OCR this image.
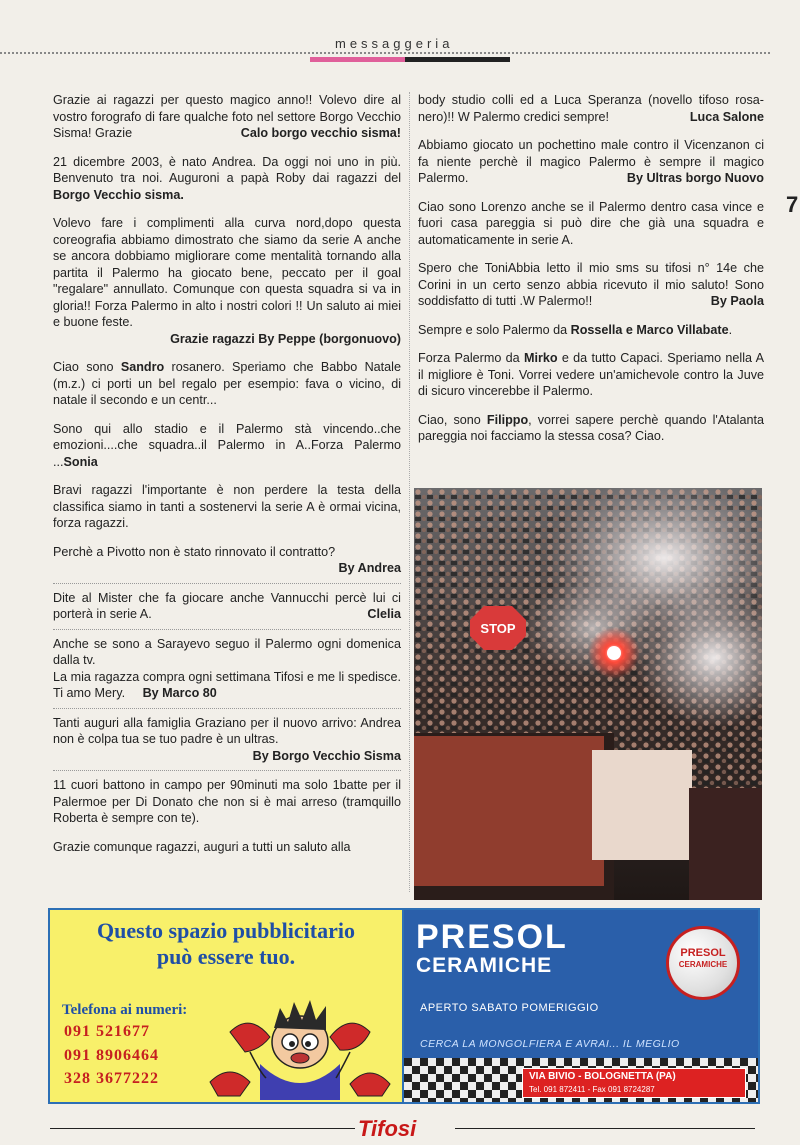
messaggeria
7
Grazie ai ragazzi per questo magico anno!! Volevo dire al vostro forografo di fare qualche foto nel settore Borgo Vecchio Sisma! Grazie	Calo borgo vecchio sisma!
21 dicembre 2003, è nato Andrea. Da oggi noi uno in più. Benvenuto tra noi. Auguroni a papà Roby dai ragazzi del Borgo Vecchio sisma.
Volevo fare i complimenti alla curva nord,dopo questa coreografia abbiamo dimostrato che siamo da serie A anche se ancora dobbiamo migliorare come mentalità tornando alla partita il Palermo ha giocato bene, peccato per il goal "regalare" annullato. Comunque con questa squadra si va in gloria!! Forza Palermo in alto i nostri colori !! Un saluto ai miei e buone feste.
Grazie ragazzi By Peppe (borgonuovo)
Ciao sono Sandro rosanero. Speriamo che Babbo Natale (m.z.) ci porti un bel regalo per esempio: fava o vicino, di natale il secondo e un centr...
Sono qui allo stadio e il Palermo stà vincendo..che emozioni....che squadra..il Palermo in A..Forza Palermo ...Sonia
Bravi ragazzi l'importante è non perdere la testa della classifica siamo in tanti a sostenervi la serie A è ormai vicina, forza ragazzi.
Perchè a Pivotto non è stato rinnovato il contratto?
By Andrea
Dite al Mister che fa giocare anche Vannucchi percè lui ci porterà in serie A.	Clelia
Anche se sono a Sarayevo seguo il Palermo ogni domenica dalla tv.
La mia ragazza compra ogni settimana Tifosi e me li spedisce. Ti amo Mery. By Marco 80
Tanti auguri alla famiglia Graziano per il nuovo arrivo: Andrea non è colpa tua se tuo padre è un ultras.
By Borgo Vecchio Sisma
11 cuori battono in campo per 90minuti ma solo 1batte per il Palermoe per Di Donato che non si è mai arreso (tramquillo Roberta è sempre con te).
Grazie comunque ragazzi, auguri a tutti un saluto alla
body studio colli ed a Luca Speranza (novello tifoso rosa-nero)!! W Palermo credici sempre!	Luca Salone
Abbiamo giocato un pochettino male contro il Vicenzanon ci fa niente perchè il magico Palermo è sempre il magico Palermo.	By Ultras borgo Nuovo
Ciao sono Lorenzo anche se il Palermo dentro casa vince e fuori casa pareggia si può dire che già una squadra e automaticamente in serie A.
Spero che ToniAbbia letto il mio sms su tifosi n° 14e che Corini in un certo senzo abbia ricevuto il mio saluto! Sono soddisfatto di tutti .W Palermo!!	By Paola
Sempre e solo Palermo da Rossella e Marco Villabate.
Forza Palermo da Mirko e da tutto Capaci. Speriamo nella A il migliore è Toni. Vorrei vedere un'amichevole contro la Juve di sicuro vincerebbe il Palermo.
Ciao, sono Filippo, vorrei sapere perchè quando l'Atalanta pareggia noi facciamo la stessa cosa? Ciao.
STOP
Questo spazio pubblicitario
può essere tuo.
Telefona ai numeri:
091 521677
091 8906464
328 3677222
PRESOL
CERAMICHE
PRESOL
CERAMICHE
APERTO SABATO POMERIGGIO
CERCA LA MONGOLFIERA E AVRAI... IL MEGLIO
VIA BIVIO - BOLOGNETTA (PA)
Tel. 091 872411 - Fax 091 8724287
Tifosi
